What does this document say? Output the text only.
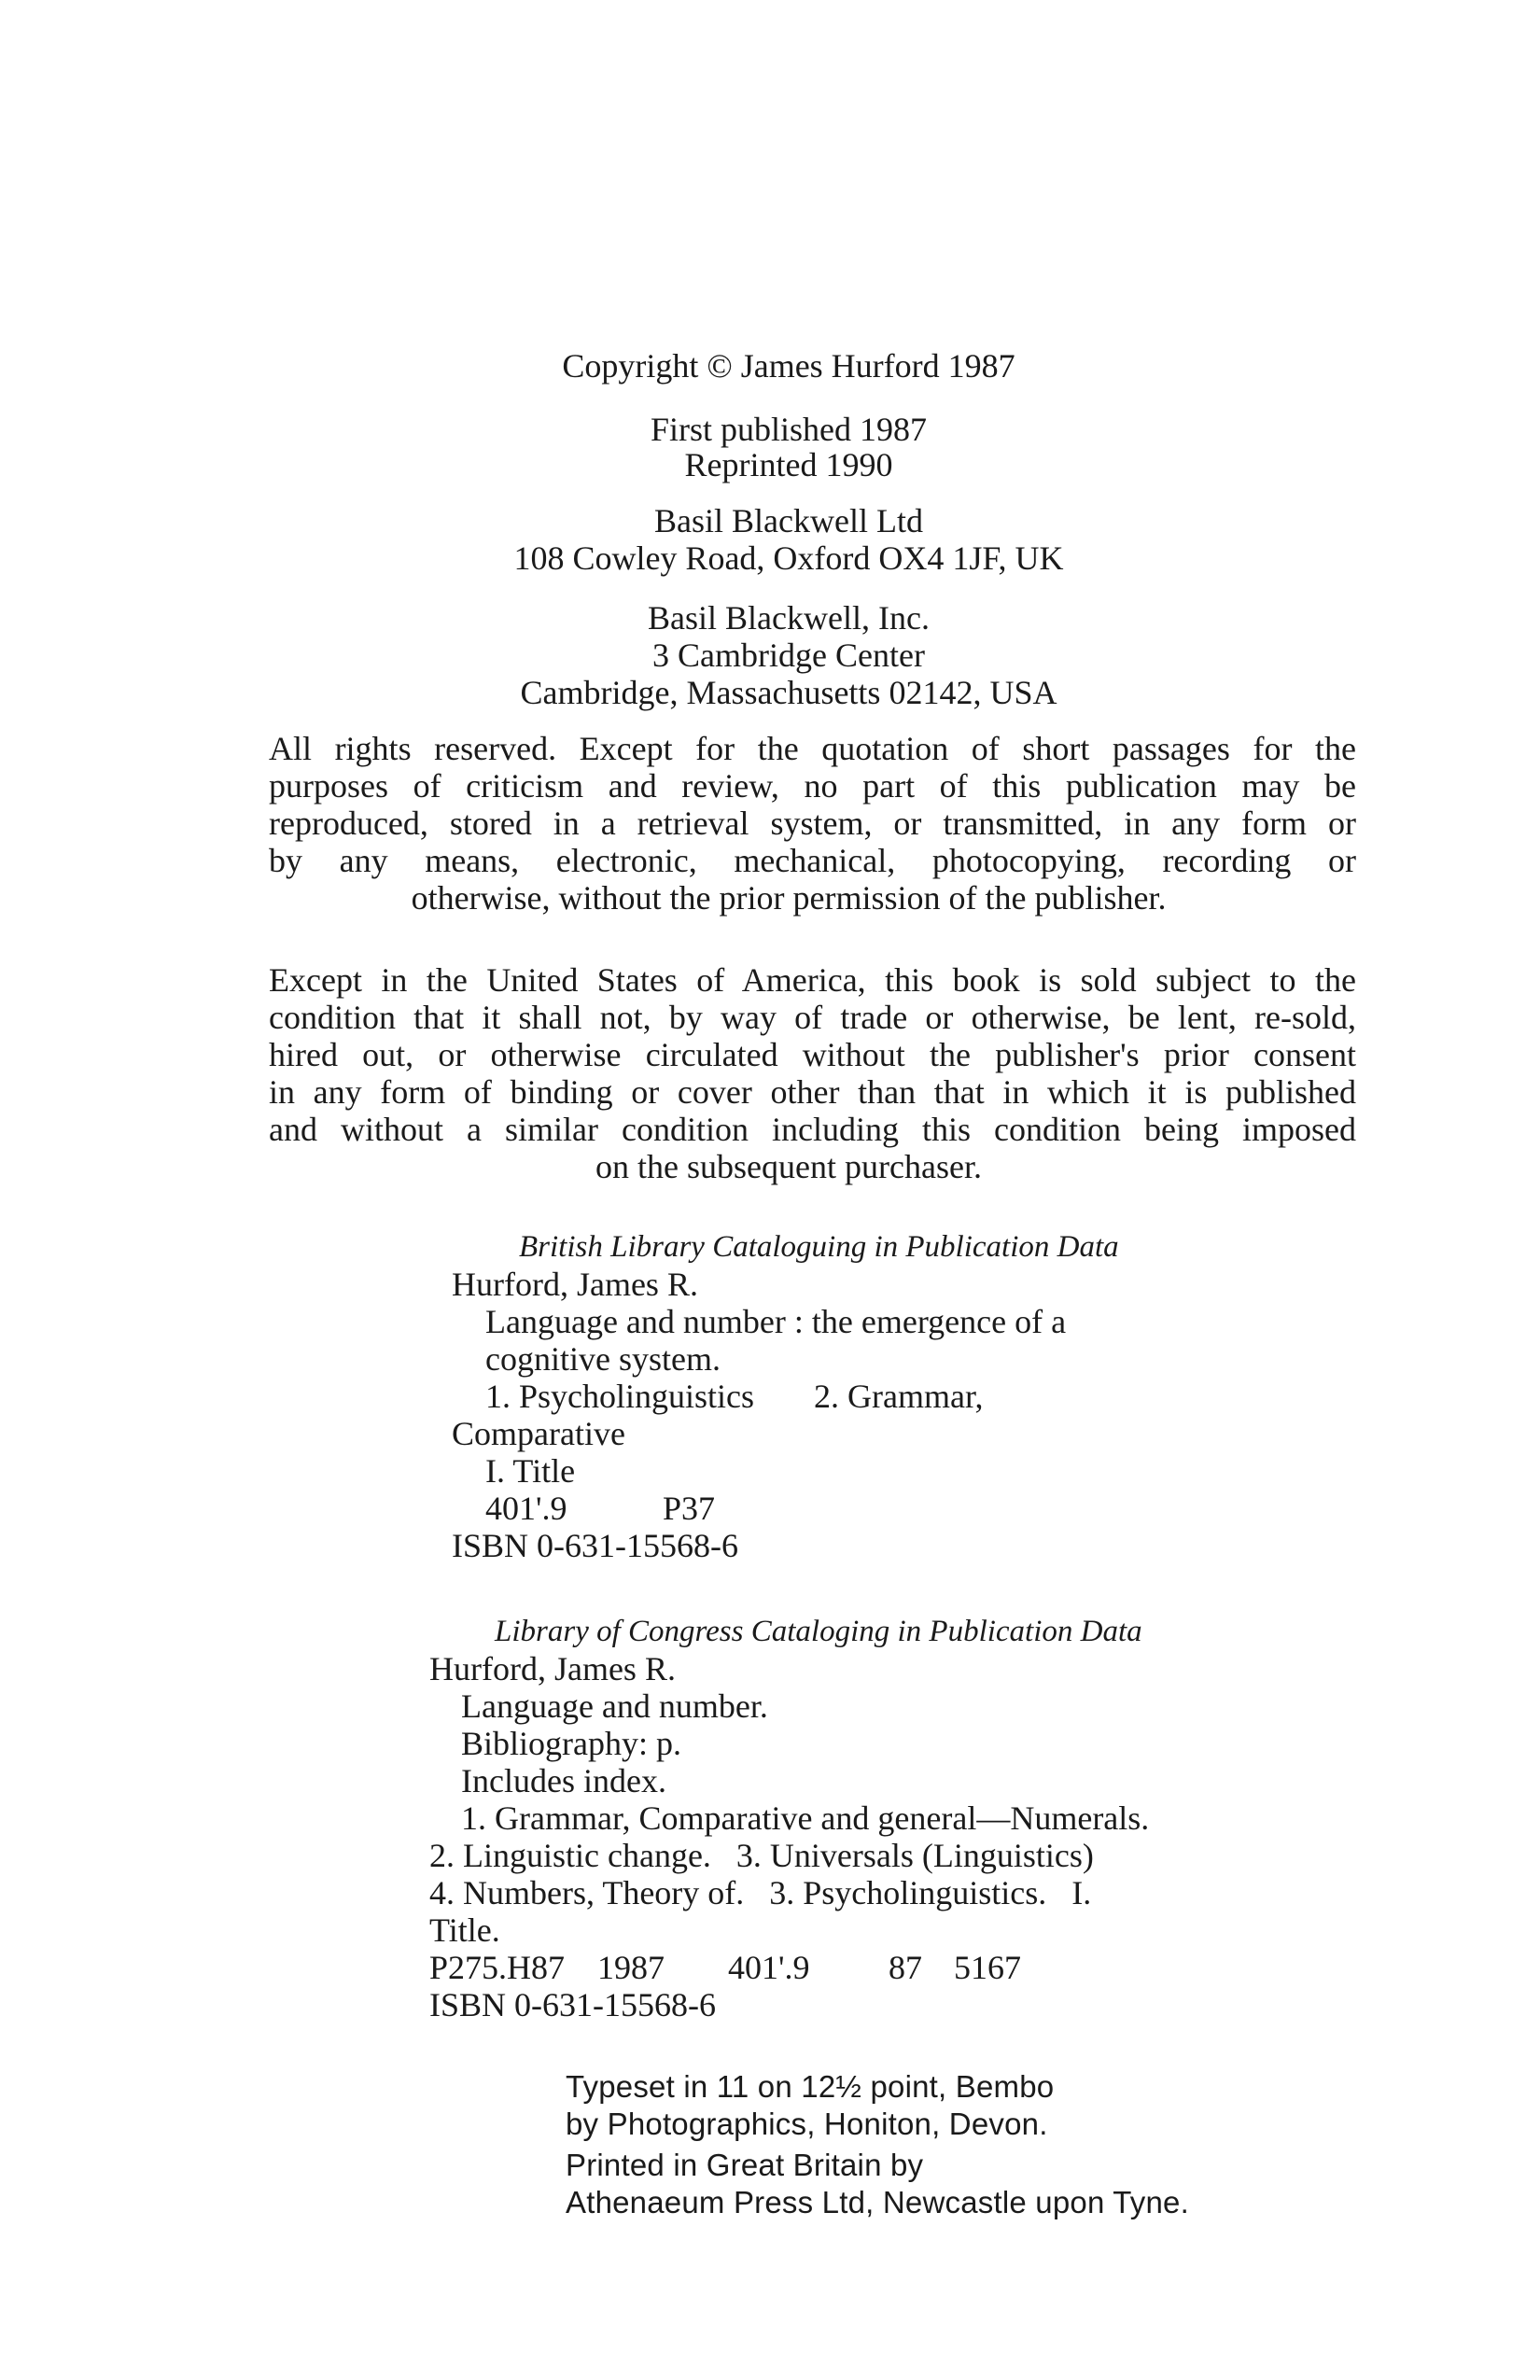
Copyright © James Hurford 1987
First published 1987
Reprinted 1990
Basil Blackwell Ltd
108 Cowley Road, Oxford OX4 1JF, UK
Basil Blackwell, Inc.
3 Cambridge Center
Cambridge, Massachusetts 02142, USA
All rights reserved. Except for the quotation of short passages for the
purposes of criticism and review, no part of this publication may be
reproduced, stored in a retrieval system, or transmitted, in any form or
by any means, electronic, mechanical, photocopying, recording or
otherwise, without the prior permission of the publisher.
Except in the United States of America, this book is sold subject to the
condition that it shall not, by way of trade or otherwise, be lent, re-sold,
hired out, or otherwise circulated without the publisher's prior consent
in any form of binding or cover other than that in which it is published
and without a similar condition including this condition being imposed
on the subsequent purchaser.
British Library Cataloguing in Publication Data
Hurford, James R.
Language and number : the emergence of a
cognitive system.
1. Psycholinguistics 2. Grammar,
Comparative
I. Title
401'.9	P37
ISBN 0-631-15568-6
Library of Congress Cataloging in Publication Data
Hurford, James R.
Language and number.
Bibliography: p.
Includes index.
1. Grammar, Comparative and general—Numerals.
2. Linguistic change.   3. Universals (Linguistics)
4. Numbers, Theory of.   3. Psycholinguistics.   I.
Title.
P275.H87 1987 401'.9 87 5167
ISBN 0-631-15568-6
Typeset in 11 on 12½ point, Bembo
by Photographics, Honiton, Devon.
Printed in Great Britain by
Athenaeum Press Ltd, Newcastle upon Tyne.
